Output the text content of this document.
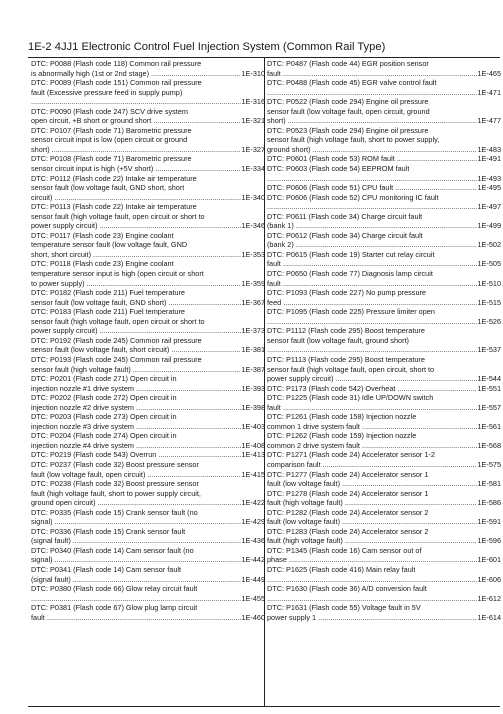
1E-2 4JJ1 Electronic Control Fuel Injection System (Common Rail Type)
DTC: P0088 (Flash code 118) Common rail pressure
is abnormally high (1st or 2nd stage) .....	1E-310
DTC: P0089 (Flash code 151) Common rail pressure
fault (Excessive pressure feed in supply pump)
.....
1E-316
DTC: P0090 (Flash code 247) SCV drive system
open circuit, +B short or ground short .....	1E-321
DTC: P0107 (Flash code 71) Barometric pressure
sensor circuit input is low (open circuit or ground
short) .....	1E-327
DTC: P0108 (Flash code 71) Barometric pressure
sensor circuit input is high (+5V short) .....	1E-334
DTC: P0112 (Flash code 22) Intake air temperature
sensor fault (low voltage fault, GND short, short
circuit) .....	1E-340
DTC: P0113 (Flash code 22) Intake air temperature
sensor fault (high voltage fault, open circuit or short to
power supply circuit) .....	1E-346
DTC: P0117 (Flash code 23) Engine coolant
temperature sensor fault (low voltage fault, GND
short, short circuit) .....	1E-353
DTC: P0118 (Flash code 23) Engine coolant
temperature sensor input is high (open circuit or short
to power supply) .....	1E-359
DTC: P0182 (Flash code 211) Fuel temperature
sensor fault (low voltage fault, GND short) .....	1E-367
DTC: P0183 (Flash code 211) Fuel temperature
sensor fault (high voltage fault, open circuit or short to
power supply circuit) .....	1E-373
DTC: P0192 (Flash code 245) Common rail pressure
sensor fault (low voltage fault, short circuit) .....	1E-381
DTC: P0193 (Flash code 245) Common rail pressure
sensor fault (high voltage fault) .....	1E-387
DTC: P0201 (Flash code 271) Open circuit in
injection nozzle #1 drive system .....	1E-393
DTC: P0202 (Flash code 272) Open circuit in
injection nozzle #2 drive system .....	1E-398
DTC: P0203 (Flash code 273) Open circuit in
injection nozzle #3 drive system .....	1E-403
DTC: P0204 (Flash code 274) Open circuit in
injection nozzle #4 drive system .....	1E-408
DTC: P0219 (Flash code 543) Overrun .....	1E-413
DTC: P0237 (Flash code 32) Boost pressure sensor
fault (low voltage fault, open circuit) .....	1E-415
DTC: P0238 (Flash code 32) Boost pressure sensor
fault (high voltage fault, short to power supply circuit,
ground open circuit) .....	1E-422
DTC: P0335 (Flash code 15) Crank sensor fault (no
signal) .....	1E-429
DTC: P0336 (Flash code 15) Crank sensor fault
(signal fault) .....	1E-436
DTC: P0340 (Flash code 14) Cam sensor fault (no
signal) .....	1E-442
DTC: P0341 (Flash code 14) Cam sensor fault
(signal fault) .....	1E-449
DTC: P0380 (Flash code 66) Glow relay circuit fault
.....
1E-455
DTC: P0381 (Flash code 67) Glow plug lamp circuit
fault .....	1E-460
DTC: P0487 (Flash code 44) EGR position sensor
fault .....	1E-465
DTC: P0488 (Flash code 45) EGR valve control fault
.....
1E-471
DTC: P0522 (Flash code 294) Engine oil pressure
sensor fault (low voltage fault, open circuit, ground
short) .....	1E-477
DTC: P0523 (Flash code 294) Engine oil pressure
sensor fault (high voltage fault, short to power supply,
ground short) .....	1E-483
DTC: P0601 (Flash code 53) ROM fault .....	1E-491
DTC: P0603 (Flash code 54) EEPROM fault
.....
1E-493
DTC: P0606 (Flash code 51) CPU fault .....	1E-495
DTC: P0606 (Flash code 52) CPU monitoring IC fault
.....
1E-497
DTC: P0611 (Flash code 34) Charge circuit fault
(bank 1) .....	1E-499
DTC: P0612 (Flash code 34) Charge circuit fault
(bank 2) .....	1E-502
DTC: P0615 (Flash code 19) Starter cut relay circuit
fault .....	1E-505
DTC: P0650 (Flash code 77) Diagnosis lamp circuit
fault .....	1E-510
DTC: P1093 (Flash code 227) No pump pressure
feed .....	1E-515
DTC: P1095 (Flash code 225) Pressure limiter open
.....
1E-526
DTC: P1112 (Flash code 295) Boost temperature
sensor fault (low voltage fault, ground short)
.....
1E-537
DTC: P1113 (Flash code 295) Boost temperature
sensor fault (high voltage fault, open circuit, short to
power supply circuit) .....	1E-544
DTC: P1173 (Flash code 542) Overheat .....	1E-551
DTC: P1225 (Flash code 31) Idle UP/DOWN switch
fault .....	1E-557
DTC: P1261 (Flash code 158) Injection nozzle
common 1 drive system fault .....	1E-561
DTC: P1262 (Flash code 159) Injection nozzle
common 2 drive system fault .....	1E-568
DTC: P1271 (Flash code 24) Accelerator sensor 1-2
comparison fault .....	1E-575
DTC: P1277 (Flash code 24) Accelerator sensor 1
fault (low voltage fault) .....	1E-581
DTC: P1278 (Flash code 24) Accelerator sensor 1
fault (high voltage fault) .....	1E-586
DTC: P1282 (Flash code 24) Accelerator sensor 2
fault (low voltage fault) .....	1E-591
DTC: P1283 (Flash code 24) Accelerator sensor 2
fault (high voltage fault) .....	1E-596
DTC: P1345 (Flash code 16) Cam sensor out of
phase .....	1E-601
DTC: P1625 (Flash code 416) Main relay fault
.....
1E-606
DTC: P1630 (Flash code 36) A/D conversion fault
.....
1E-612
DTC: P1631 (Flash code 55) Voltage fault in 5V
power supply 1 .....	1E-614
